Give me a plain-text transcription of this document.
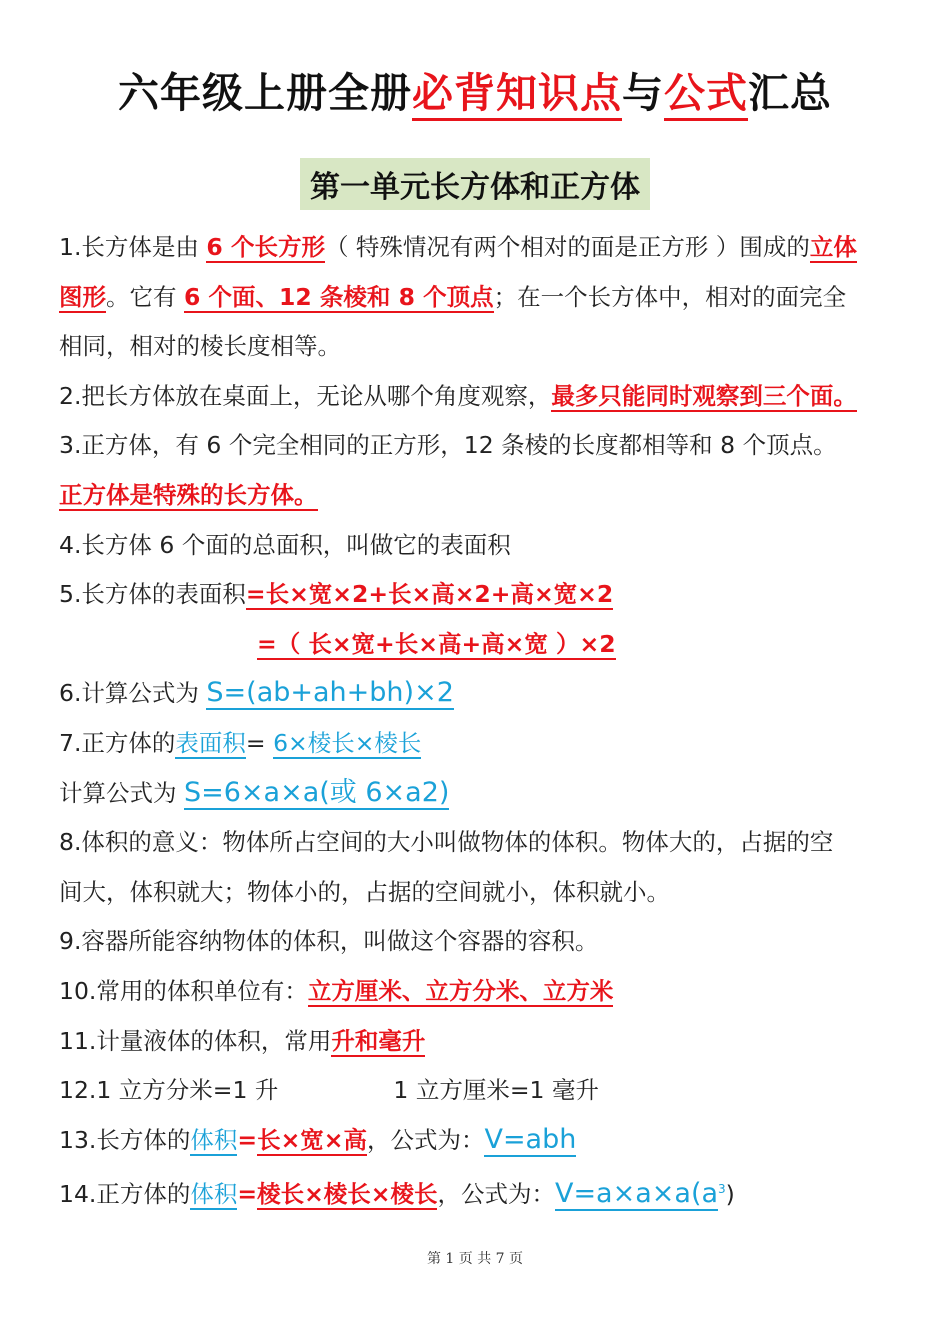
六年级上册全册必背知识点与公式汇总
第一单元长方体和正方体
1.长方体是由 6 个长方形（ 特殊情况有两个相对的面是正方形 ）围成的立体
图形。它有 6 个面、12 条棱和 8 个顶点；在一个长方体中，相对的面完全
相同，相对的棱长度相等。
2.把长方体放在桌面上，无论从哪个角度观察，最多只能同时观察到三个面。
3.正方体，有 6 个完全相同的正方形，12 条棱的长度都相等和 8 个顶点。
正方体是特殊的长方体。
4.长方体 6 个面的总面积，叫做它的表面积
5.长方体的表面积=长×宽×2+长×高×2+高×宽×2
=（ 长×宽+长×高+高×宽 ）×2
6.计算公式为 S=(ab+ah+bh)×2
7.正方体的表面积= 6×棱长×棱长
计算公式为 S=6×a×a(或 6×a2)
8.体积的意义：物体所占空间的大小叫做物体的体积。物体大的，占据的空
间大，体积就大；物体小的，占据的空间就小，体积就小。
9.容器所能容纳物体的体积，叫做这个容器的容积。
10.常用的体积单位有：立方厘米、立方分米、立方米
11.计量液体的体积，常用升和毫升
12.1 立方分米=1 升	1 立方厘米=1 毫升
13.长方体的体积=长×宽×高，公式为：V=abh
14.正方体的体积=棱长×棱长×棱长，公式为：$V=a\times a\times a(a^3)$
第 1 页 共 7 页
